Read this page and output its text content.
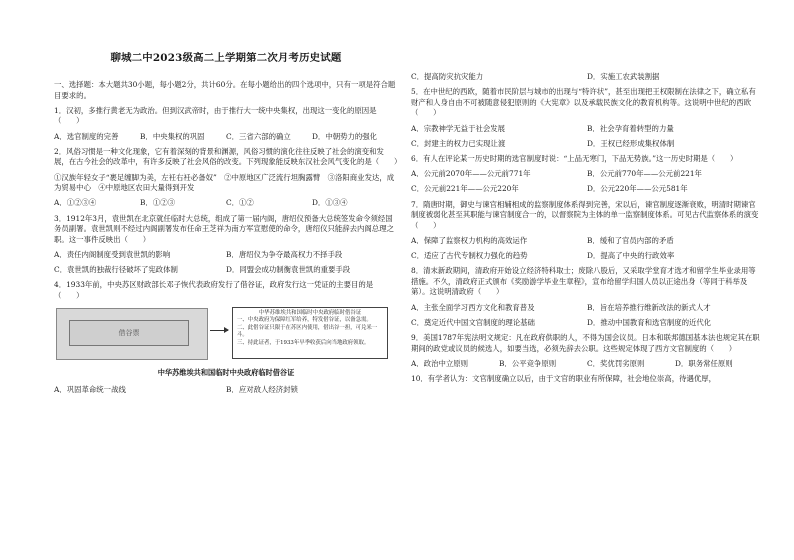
聊城二中2023级高二上学期第二次月考历史试题

一、选择题：本大题共30小题，每小题2分，共计60分。在每小题给出的四个选项中，只有一项是符合题目要求的。

1．汉初，多推行黄老无为政治。但到汉武帝时，由于推行大一统中央集权，出现这一变化的原因是（　　）

A．选官制度的完善	B．中央集权的巩固	C．三省六部的确立	D．中朝势力的强化

2．风俗习惯是一种文化现象，它有着深刻的背景和渊源，风俗习惯的演化往往反映了社会的演变和发展，在古今社会的改革中，有许多反映了社会风俗的改变。下列现象能反映东汉社会风气变化的是（　　）

①汉族年轻女子“裹足缠脚为美，左衽右衽必备奴”　②中原地区广泛流行坦胸露臂　③洛阳商业发达，成为贸易中心　④中原地区农田大量得到开发

A．①②③④	B．①②③	C．①②	D．①③④

3．1912年3月，袁世凯在北京就任临时大总统，组成了第一届内阁，唐绍仪预备大总统签发命令须经国务员副署。袁世凯则不经过内阁副署发布任命王芝祥为南方军宣慰使的命令，唐绍仪只能辞去内阁总理之职。这一事件反映出（　　）

A．责任内阁制度受到袁世凯的影响	B．唐绍仪为争夺最高权力不择手段
C．袁世凯的独裁行径破坏了宪政体制	D．同盟会成功制衡袁世凯的重要手段

4．1933年前，中央苏区财政部长邓子恢代表政府发行了借谷证，政府发行这一凭证的主要目的是（　　）

借谷票
中华苏维埃共和国临时中央政府临时借谷证
一、中央政府为保障红军给养，特发借谷证，以备急需。
二、此借谷证只限于在苏区内使用，借出谷一担，可兑米一斗。
三、持此证者，于1933年早季收获后向当地政府领取。
中华苏维埃共和国临时中央政府临时借谷证
A．巩固革命统一战线	B．应对敌人经济封锁
C．提高防灾抗灾能力	D．实施工农武装割据

5．在中世纪的西欧，随着市民阶层与城市的出现与“特许状”，甚至出现把王权限制在法律之下，确立私有财产和人身自由不可被随意侵犯原则的《大宪章》以及承载民族文化的教育机构等。这说明中世纪的西欧（　　）

A．宗教神学无益于社会发展	B．社会孕育着转型的力量
C．封建主的权力已实现让渡	D．王权已经形成集权体制

6．有人在评论某一历史时期的选官制度时说：“上品无寒门，下品无势族。”这一历史时期是（　　）

A．公元前2070年——公元前771年	B．公元前770年——公元前221年
C．公元前221年——公元220年	D．公元220年——公元581年

7．隋唐时期，御史与谏官相辅相成的监察制度体系得到完善，宋以后，谏官制度逐渐衰败，明清时期谏官制度被弱化甚至其职能与谏官制度合一的，以督察院为主体的单一监察制度体系。可见古代监察体系的演变（　　）

A．保障了监察权力机构的高效运作	B．缓和了官员内部的矛盾
C．适应了古代专制权力强化的趋势	D．提高了中央的行政效率

8．清末新政期间，清政府开始设立经济特科取士；废除八股后，又采取学堂育才选才和留学生毕业录用等措施。不久，清政府正式颁布《奖励游学毕业生章程》，宣布给留学归国人员以正途出身（等同于科举及第）。这说明清政府（　　）

A．主张全面学习西方文化和教育普及	B．旨在培养推行维新改法的新式人才
C．奠定近代中国文官制度的理论基础	D．推动中国教育和选官制度的近代化

9．美国1787年宪法明文规定：凡在政府供职的人，不得为国会议员。日本和联邦德国基本法也规定其在职期间的政党或议员的候选人，如要当选，必须先辞去公职。这些规定体现了西方文官制度的（　　）

A．政治中立原则	B．公平竞争原则	C．奖优罚劣原则	D．职务常任原则

10．有学者认为：文官制度确立以后，由于文官的职业有所保障，社会地位崇高，待遇优厚，
